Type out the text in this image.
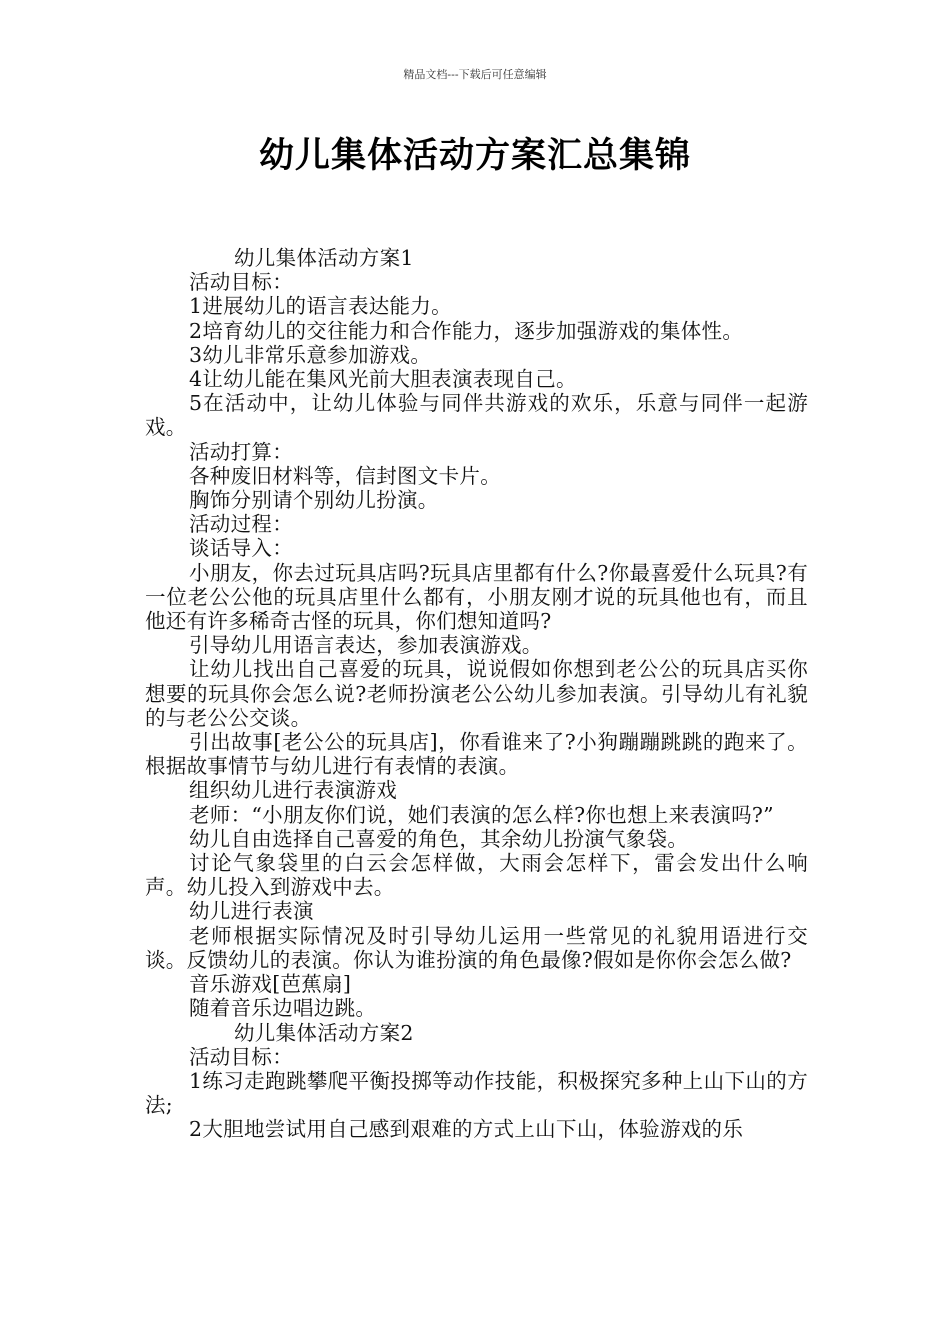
精品文档---下载后可任意编辑
幼儿集体活动方案汇总集锦

幼儿集体活动方案1

活动目标：

1进展幼儿的语言表达能力。

2培育幼儿的交往能力和合作能力，逐步加强游戏的集体性。

3幼儿非常乐意参加游戏。

4让幼儿能在集风光前大胆表演表现自己。

5在活动中，让幼儿体验与同伴共游戏的欢乐，乐意与同伴一起游戏。

活动打算：

各种废旧材料等，信封图文卡片。

胸饰分别请个别幼儿扮演。

活动过程：

谈话导入：

小朋友，你去过玩具店吗?玩具店里都有什么?你最喜爱什么玩具?有一位老公公他的玩具店里什么都有，小朋友刚才说的玩具他也有，而且他还有许多稀奇古怪的玩具，你们想知道吗?

引导幼儿用语言表达，参加表演游戏。

让幼儿找出自己喜爱的玩具，说说假如你想到老公公的玩具店买你想要的玩具你会怎么说?老师扮演老公公幼儿参加表演。引导幼儿有礼貌的与老公公交谈。

引出故事[老公公的玩具店]，你看谁来了?小狗蹦蹦跳跳的跑来了。根据故事情节与幼儿进行有表情的表演。

组织幼儿进行表演游戏

老师：“小朋友你们说，她们表演的怎么样?你也想上来表演吗?”

幼儿自由选择自己喜爱的角色，其余幼儿扮演气象袋。

讨论气象袋里的白云会怎样做，大雨会怎样下，雷会发出什么响声。幼儿投入到游戏中去。

幼儿进行表演

老师根据实际情况及时引导幼儿运用一些常见的礼貌用语进行交谈。反馈幼儿的表演。你认为谁扮演的角色最像?假如是你你会怎么做?

音乐游戏[芭蕉扇]

随着音乐边唱边跳。

幼儿集体活动方案2

活动目标：

1练习走跑跳攀爬平衡投掷等动作技能，积极探究多种上山下山的方法;

2大胆地尝试用自己感到艰难的方式上山下山，体验游戏的乐
